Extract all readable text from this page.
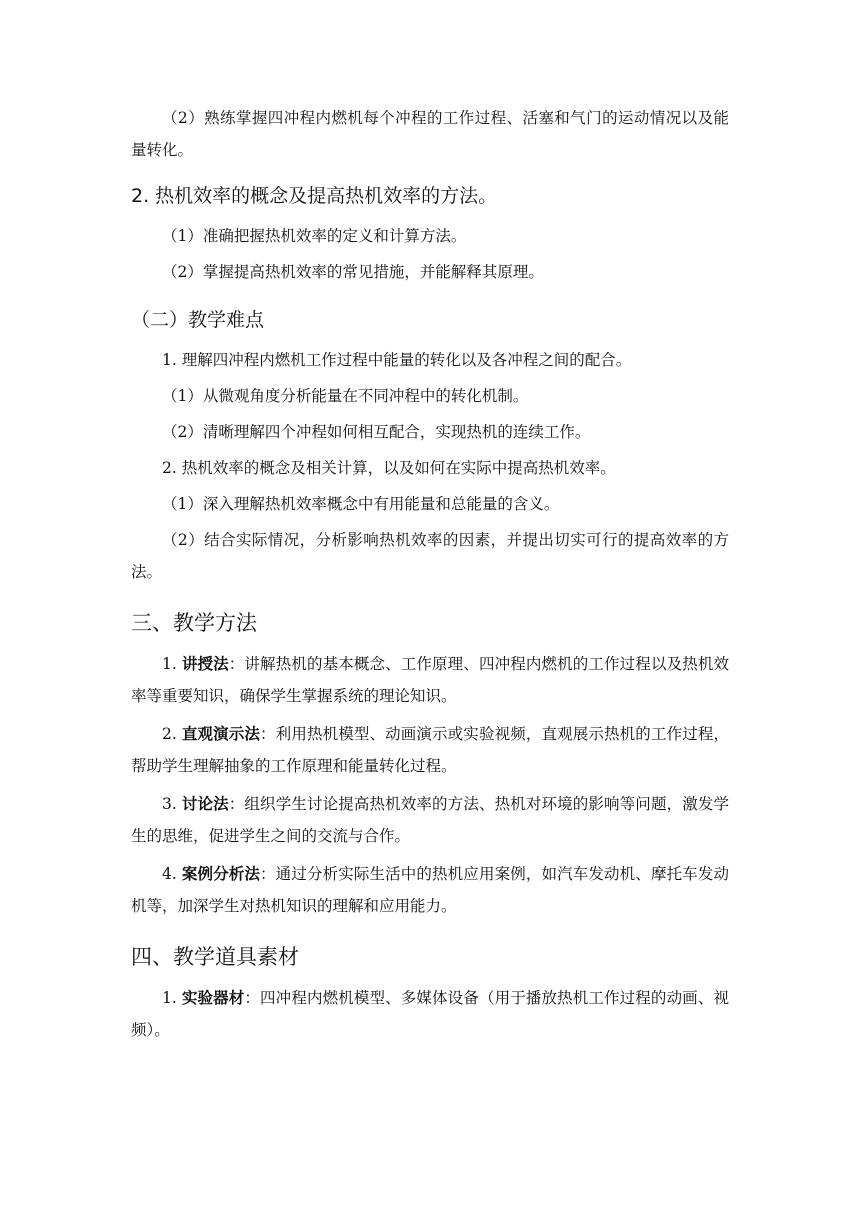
（2）熟练掌握四冲程内燃机每个冲程的工作过程、活塞和气门的运动情况以及能量转化。

2. 热机效率的概念及提高热机效率的方法。

（1）准确把握热机效率的定义和计算方法。

（2）掌握提高热机效率的常见措施，并能解释其原理。

（二）教学难点

1. 理解四冲程内燃机工作过程中能量的转化以及各冲程之间的配合。

（1）从微观角度分析能量在不同冲程中的转化机制。

（2）清晰理解四个冲程如何相互配合，实现热机的连续工作。

2. 热机效率的概念及相关计算，以及如何在实际中提高热机效率。

（1）深入理解热机效率概念中有用能量和总能量的含义。

（2）结合实际情况，分析影响热机效率的因素，并提出切实可行的提高效率的方法。

三、教学方法

1. 讲授法：讲解热机的基本概念、工作原理、四冲程内燃机的工作过程以及热机效率等重要知识，确保学生掌握系统的理论知识。

2. 直观演示法：利用热机模型、动画演示或实验视频，直观展示热机的工作过程，帮助学生理解抽象的工作原理和能量转化过程。

3. 讨论法：组织学生讨论提高热机效率的方法、热机对环境的影响等问题，激发学生的思维，促进学生之间的交流与合作。

4. 案例分析法：通过分析实际生活中的热机应用案例，如汽车发动机、摩托车发动机等，加深学生对热机知识的理解和应用能力。

四、教学道具素材

1. 实验器材：四冲程内燃机模型、多媒体设备（用于播放热机工作过程的动画、视频）。
